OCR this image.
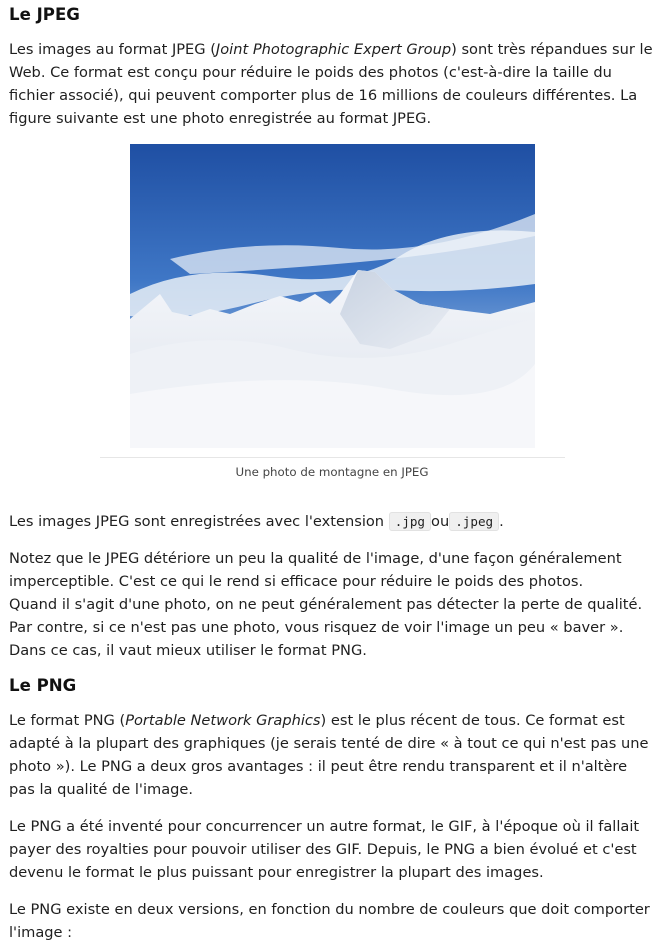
Le JPEG

Les images au format JPEG (Joint Photographic Expert Group) sont très répandues sur le Web. Ce format est conçu pour réduire le poids des photos (c'est-à-dire la taille du fichier associé), qui peuvent comporter plus de 16 millions de couleurs différentes. La figure suivante est une photo enregistrée au format JPEG.

Une photo de montagne en JPEG

Les images JPEG sont enregistrées avec l'extension .jpg ou .jpeg .

Notez que le JPEG détériore un peu la qualité de l'image, d'une façon généralement imperceptible. C'est ce qui le rend si efficace pour réduire le poids des photos.
Quand il s'agit d'une photo, on ne peut généralement pas détecter la perte de qualité. Par contre, si ce n'est pas une photo, vous risquez de voir l'image un peu « baver ». Dans ce cas, il vaut mieux utiliser le format PNG.

Le PNG

Le format PNG (Portable Network Graphics) est le plus récent de tous. Ce format est adapté à la plupart des graphiques (je serais tenté de dire « à tout ce qui n'est pas une photo »). Le PNG a deux gros avantages : il peut être rendu transparent et il n'altère pas la qualité de l'image.

Le PNG a été inventé pour concurrencer un autre format, le GIF, à l'époque où il fallait payer des royalties pour pouvoir utiliser des GIF. Depuis, le PNG a bien évolué et c'est devenu le format le plus puissant pour enregistrer la plupart des images.

Le PNG existe en deux versions, en fonction du nombre de couleurs que doit comporter l'image :
